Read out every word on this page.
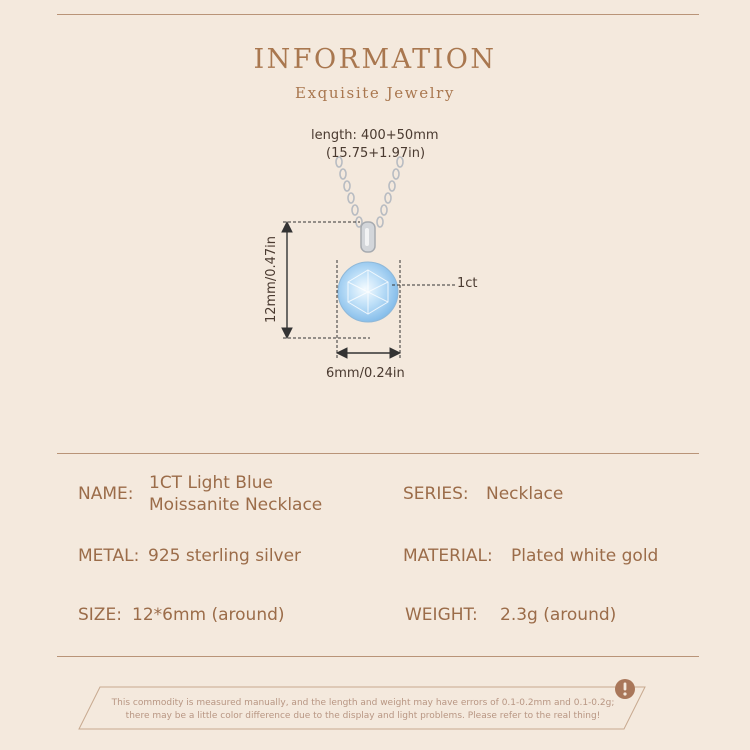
INFORMATION
Exquisite Jewelry
length: 400+50mm
(15.75+1.97in)
12mm/0.47in
6mm/0.24in
1ct
NAME:
1CT Light Blue
Moissanite Necklace
SERIES: Necklace
METAL: 925 sterling silver	MATERIAL: Plated white gold
SIZE: 12*6mm (around)	WEIGHT: 2.3g (around)
This commodity is measured manually, and the length and weight may have errors of 0.1-0.2mm and 0.1-0.2g;
there may be a little color difference due to the display and light problems. Please refer to the real thing!
